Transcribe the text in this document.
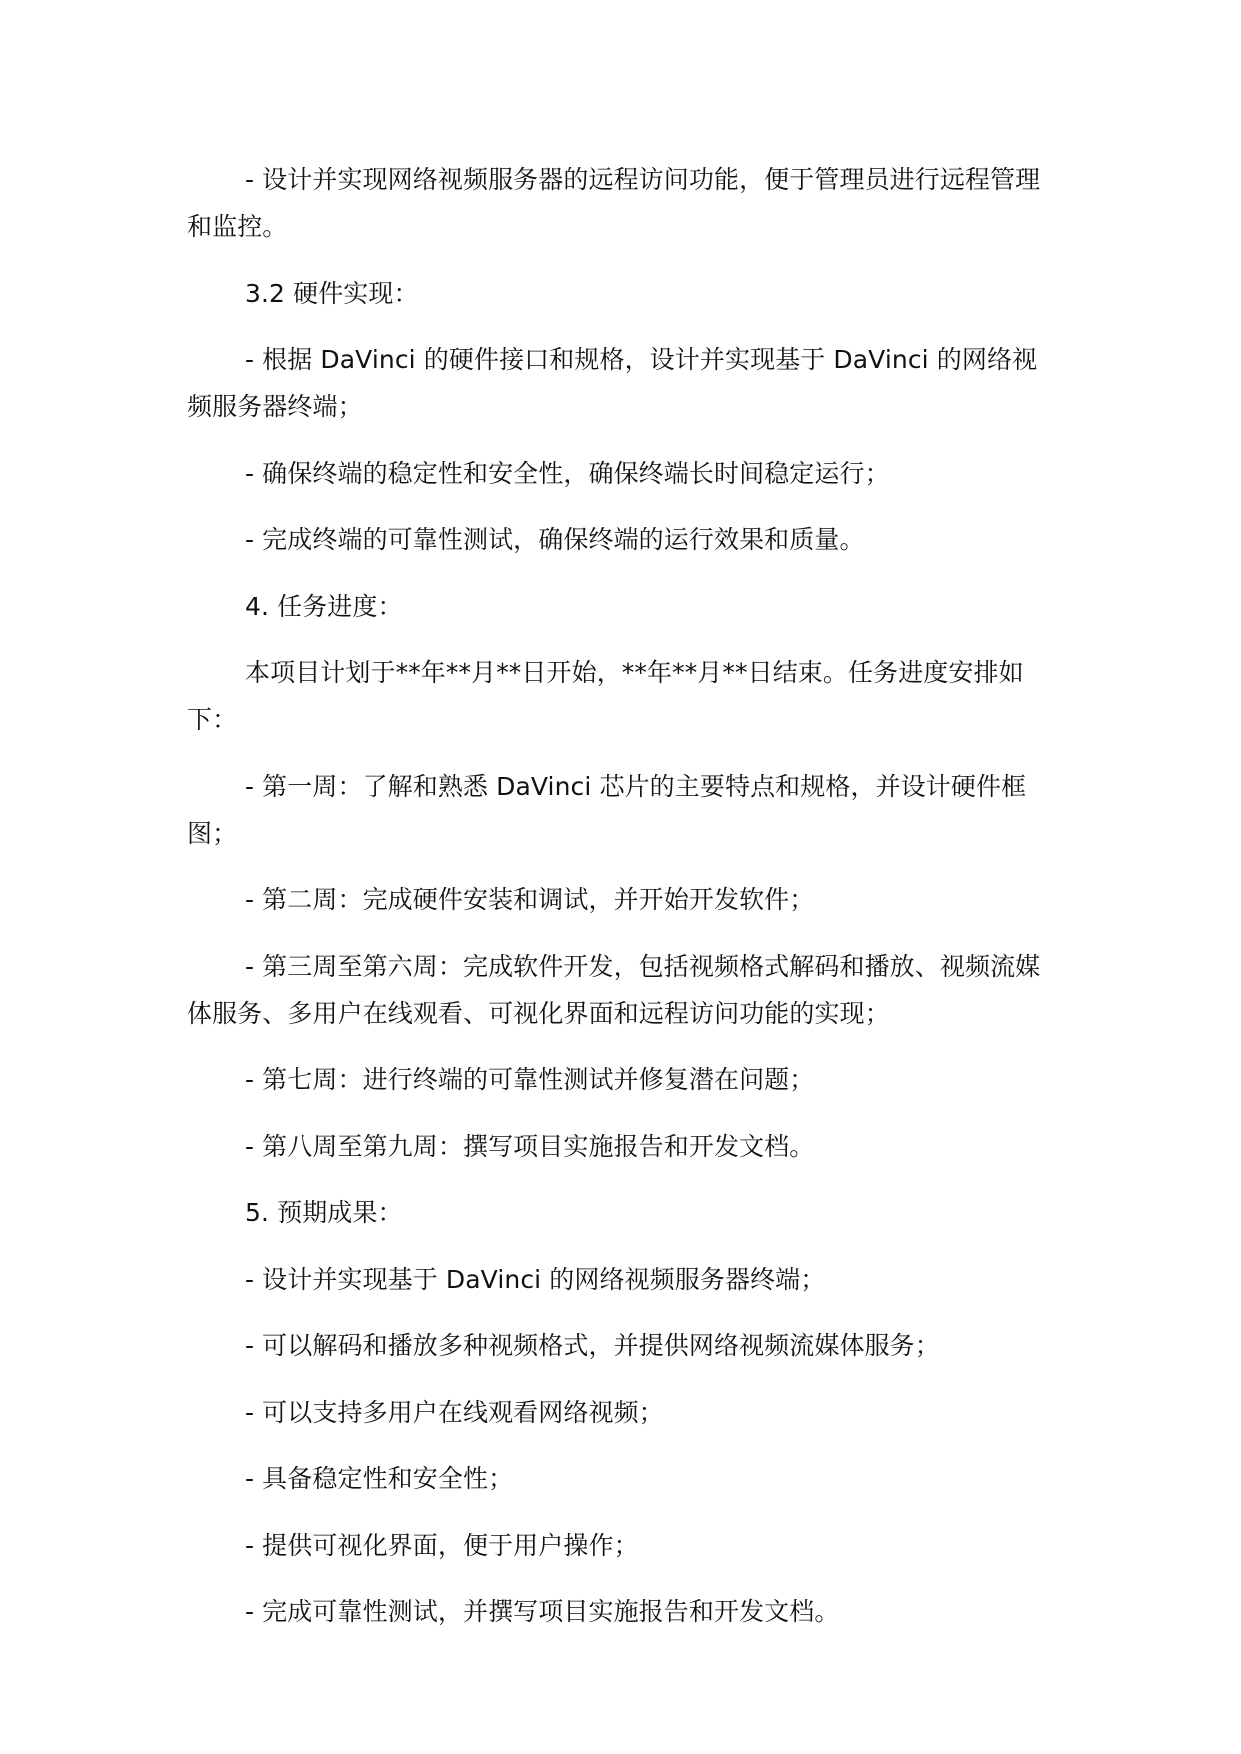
- 设计并实现网络视频服务器的远程访问功能，便于管理员进行远程管理和监控。

3.2 硬件实现：

- 根据 DaVinci 的硬件接口和规格，设计并实现基于 DaVinci 的网络视频服务器终端；

- 确保终端的稳定性和安全性，确保终端长时间稳定运行；

- 完成终端的可靠性测试，确保终端的运行效果和质量。

4. 任务进度：

本项目计划于**年**月**日开始，**年**月**日结束。任务进度安排如下：

- 第一周：了解和熟悉 DaVinci 芯片的主要特点和规格，并设计硬件框图；

- 第二周：完成硬件安装和调试，并开始开发软件；

- 第三周至第六周：完成软件开发，包括视频格式解码和播放、视频流媒体服务、多用户在线观看、可视化界面和远程访问功能的实现；

- 第七周：进行终端的可靠性测试并修复潜在问题；

- 第八周至第九周：撰写项目实施报告和开发文档。

5. 预期成果：

- 设计并实现基于 DaVinci 的网络视频服务器终端；

- 可以解码和播放多种视频格式，并提供网络视频流媒体服务；

- 可以支持多用户在线观看网络视频；

- 具备稳定性和安全性；

- 提供可视化界面，便于用户操作；

- 完成可靠性测试，并撰写项目实施报告和开发文档。
